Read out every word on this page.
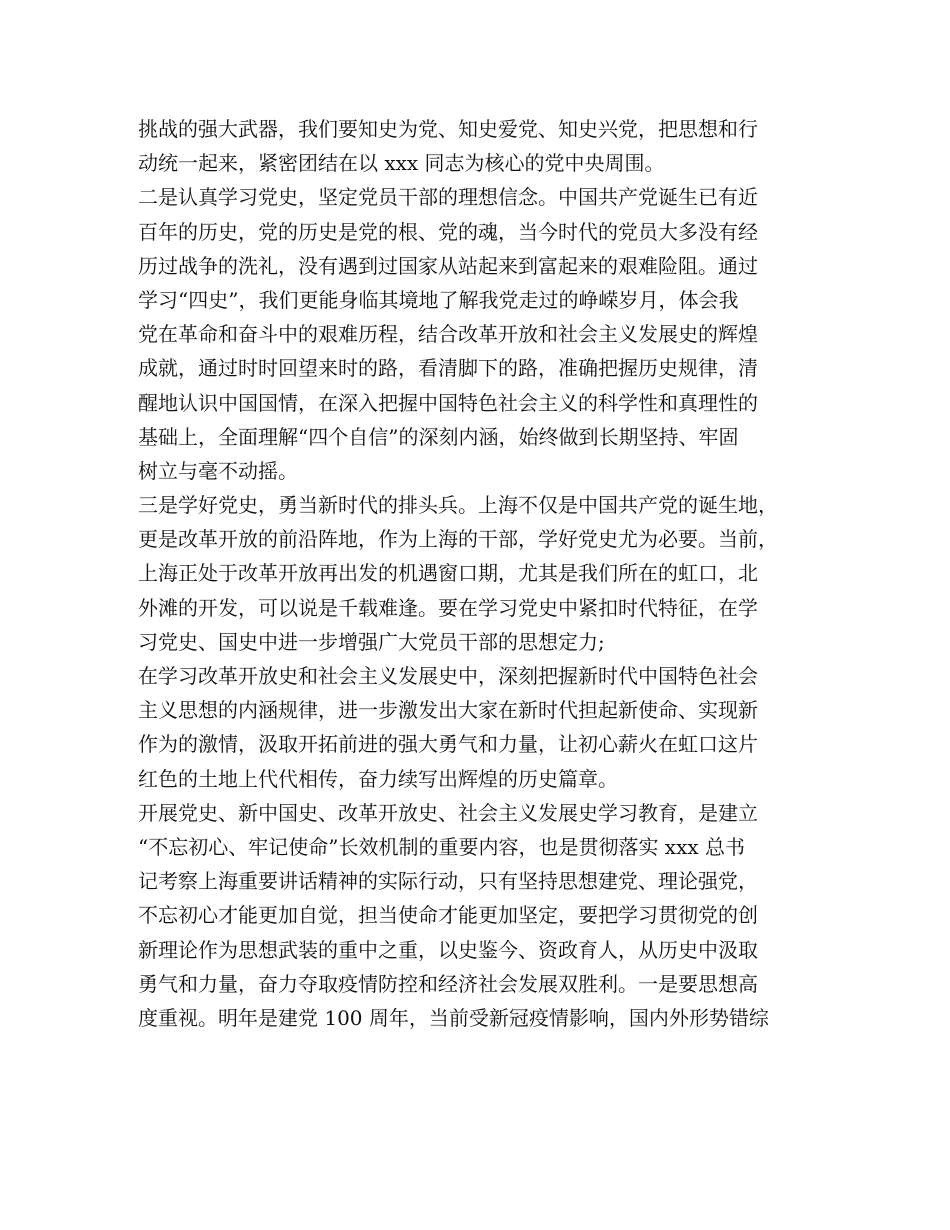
挑战的强大武器，我们要知史为党、知史爱党、知史兴党，把思想和行
动统一起来，紧密团结在以 xxx 同志为核心的党中央周围。
二是认真学习党史，坚定党员干部的理想信念。中国共产党诞生已有近
百年的历史，党的历史是党的根、党的魂，当今时代的党员大多没有经
历过战争的洗礼，没有遇到过国家从站起来到富起来的艰难险阻。通过
学习“四史”，我们更能身临其境地了解我党走过的峥嵘岁月，体会我
党在革命和奋斗中的艰难历程，结合改革开放和社会主义发展史的辉煌
成就，通过时时回望来时的路，看清脚下的路，准确把握历史规律，清
醒地认识中国国情，在深入把握中国特色社会主义的科学性和真理性的
基础上，全面理解“四个自信”的深刻内涵，始终做到长期坚持、牢固
树立与毫不动摇。
三是学好党史，勇当新时代的排头兵。上海不仅是中国共产党的诞生地，
更是改革开放的前沿阵地，作为上海的干部，学好党史尤为必要。当前，
上海正处于改革开放再出发的机遇窗口期，尤其是我们所在的虹口，北
外滩的开发，可以说是千载难逢。要在学习党史中紧扣时代特征，在学
习党史、国史中进一步增强广大党员干部的思想定力;
在学习改革开放史和社会主义发展史中，深刻把握新时代中国特色社会
主义思想的内涵规律，进一步激发出大家在新时代担起新使命、实现新
作为的激情，汲取开拓前进的强大勇气和力量，让初心薪火在虹口这片
红色的土地上代代相传，奋力续写出辉煌的历史篇章。
开展党史、新中国史、改革开放史、社会主义发展史学习教育，是建立
“不忘初心、牢记使命”长效机制的重要内容，也是贯彻落实 xxx 总书
记考察上海重要讲话精神的实际行动，只有坚持思想建党、理论强党，
不忘初心才能更加自觉，担当使命才能更加坚定，要把学习贯彻党的创
新理论作为思想武装的重中之重，以史鉴今、资政育人，从历史中汲取
勇气和力量，奋力夺取疫情防控和经济社会发展双胜利。一是要思想高
度重视。明年是建党 100 周年，当前受新冠疫情影响，国内外形势错综
